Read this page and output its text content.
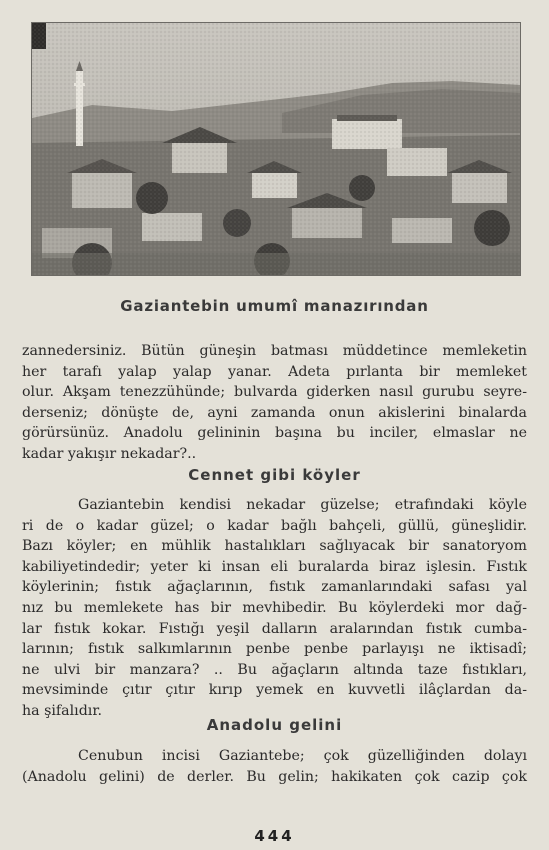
Gaziantebin umumî manazırından

zannedersiniz. Bütün güneşin batması müddetince memleketin
her tarafı yalap yalap yanar. Adeta pırlanta bir memleket
olur. Akşam tenezzühünde; bulvarda giderken nasıl gurubu seyre-
derseniz; dönüşte de, ayni zamanda onun akislerini binalarda
görürsünüz. Anadolu gelininin başına bu inciler, elmaslar ne
kadar yakışır nekadar?..

Cennet gibi köyler

Gaziantebin kendisi nekadar güzelse; etrafındaki köyle
ri de o kadar güzel; o kadar bağlı bahçeli, güllü, güneşlidir.
Bazı köyler; en mühlik hastalıkları sağlıyacak bir sanatoryom
kabiliyetindedir; yeter ki insan eli buralarda biraz işlesin. Fıstık
köylerinin; fıstık ağaçlarının, fıstık zamanlarındaki safası yal
nız bu memlekete has bir mevhibedir. Bu köylerdeki mor dağ-
lar fıstık kokar. Fıstığı yeşil dalların aralarından fıstık cumba-
larının; fıstık salkımlarının penbe penbe parlayışı ne iktisadî;
ne ulvi bir manzara? .. Bu ağaçların altında taze fıstıkları,
mevsiminde çıtır çıtır kırıp yemek en kuvvetli ilâçlardan da-
ha şifalıdır.

Anadolu gelini

Cenubun incisi Gaziantebe; çok güzelliğinden dolayı
(Anadolu gelini) de derler. Bu gelin; hakikaten çok cazip çok

444
